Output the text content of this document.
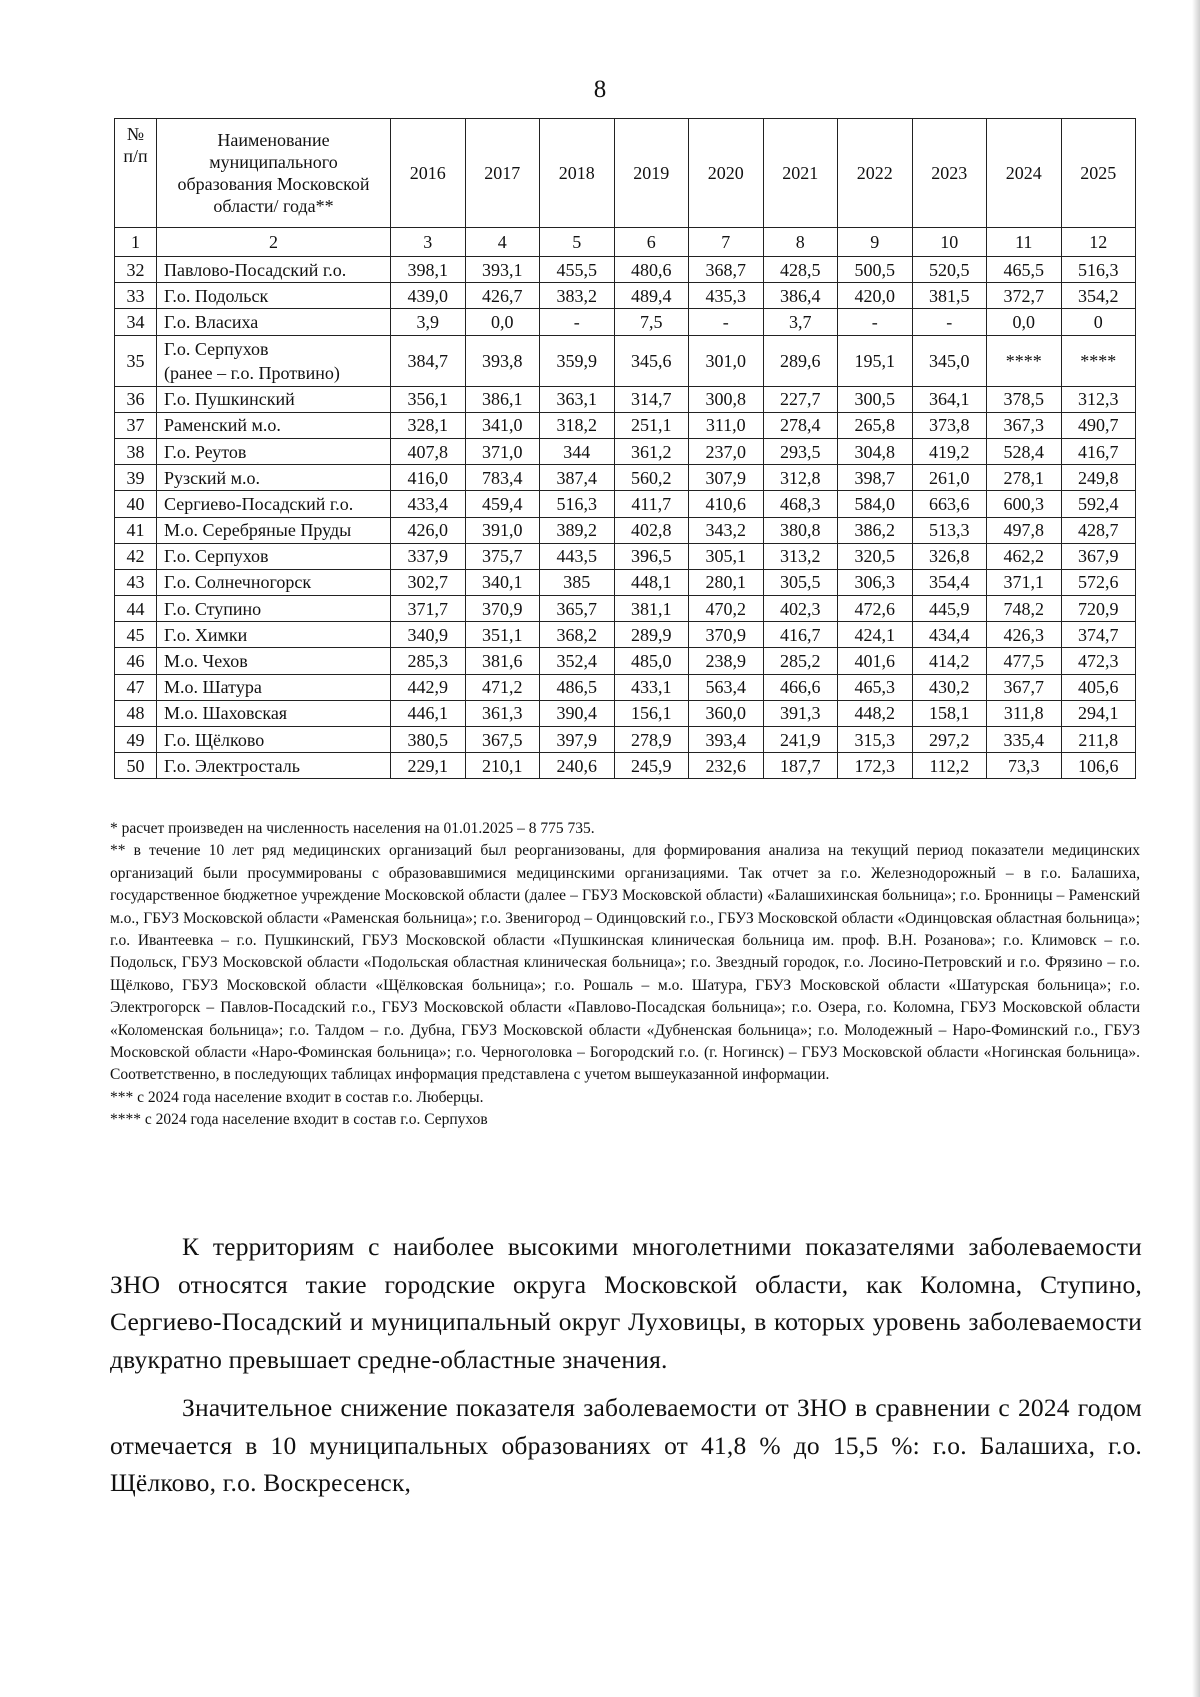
8
№ п/п	Наименование муниципального образования Московской области/ года**	2016	2017	2018	2019	2020	2021	2022	2023	2024	2025
1	2	3	4	5	6	7	8	9	10	11	12
32	Павлово-Посадский г.о.	398,1	393,1	455,5	480,6	368,7	428,5	500,5	520,5	465,5	516,3
33	Г.о. Подольск	439,0	426,7	383,2	489,4	435,3	386,4	420,0	381,5	372,7	354,2
34	Г.о. Власиха	3,9	0,0	-	7,5	-	3,7	-	-	0,0	0
35	Г.о. Серпухов
(ранее – г.о. Протвино)	384,7	393,8	359,9	345,6	301,0	289,6	195,1	345,0	****	****
36	Г.о. Пушкинский	356,1	386,1	363,1	314,7	300,8	227,7	300,5	364,1	378,5	312,3
37	Раменский м.о.	328,1	341,0	318,2	251,1	311,0	278,4	265,8	373,8	367,3	490,7
38	Г.о. Реутов	407,8	371,0	344	361,2	237,0	293,5	304,8	419,2	528,4	416,7
39	Рузский м.о.	416,0	783,4	387,4	560,2	307,9	312,8	398,7	261,0	278,1	249,8
40	Сергиево-Посадский г.о.	433,4	459,4	516,3	411,7	410,6	468,3	584,0	663,6	600,3	592,4
41	М.о. Серебряные Пруды	426,0	391,0	389,2	402,8	343,2	380,8	386,2	513,3	497,8	428,7
42	Г.о. Серпухов	337,9	375,7	443,5	396,5	305,1	313,2	320,5	326,8	462,2	367,9
43	Г.о. Солнечногорск	302,7	340,1	385	448,1	280,1	305,5	306,3	354,4	371,1	572,6
44	Г.о. Ступино	371,7	370,9	365,7	381,1	470,2	402,3	472,6	445,9	748,2	720,9
45	Г.о. Химки	340,9	351,1	368,2	289,9	370,9	416,7	424,1	434,4	426,3	374,7
46	М.о. Чехов	285,3	381,6	352,4	485,0	238,9	285,2	401,6	414,2	477,5	472,3
47	М.о. Шатура	442,9	471,2	486,5	433,1	563,4	466,6	465,3	430,2	367,7	405,6
48	М.о. Шаховская	446,1	361,3	390,4	156,1	360,0	391,3	448,2	158,1	311,8	294,1
49	Г.о. Щёлково	380,5	367,5	397,9	278,9	393,4	241,9	315,3	297,2	335,4	211,8
50	Г.о. Электросталь	229,1	210,1	240,6	245,9	232,6	187,7	172,3	112,2	73,3	106,6

* расчет произведен на численность населения на 01.01.2025 – 8 775 735.

** в течение 10 лет ряд медицинских организаций был реорганизованы, для формирования анализа на текущий период показатели медицинских организаций были просуммированы с образовавшимися медицинскими организациями. Так отчет за г.о. Железнодорожный – в г.о. Балашиха, государственное бюджетное учреждение Московской области (далее – ГБУЗ Московской области) «Балашихинская больница»; г.о. Бронницы – Раменский м.о., ГБУЗ Московской области «Раменская больница»; г.о. Звенигород – Одинцовский г.о., ГБУЗ Московской области «Одинцовская областная больница»; г.о. Ивантеевка – г.о. Пушкинский, ГБУЗ Московской области «Пушкинская клиническая больница им. проф. В.Н. Розанова»; г.о. Климовск – г.о. Подольск, ГБУЗ Московской области «Подольская областная клиническая больница»; г.о. Звездный городок, г.о. Лосино-Петровский и г.о. Фрязино – г.о. Щёлково, ГБУЗ Московской области «Щёлковская больница»; г.о. Рошаль – м.о. Шатура, ГБУЗ Московской области «Шатурская больница»; г.о. Электрогорск – Павлов-Посадский г.о., ГБУЗ Московской области «Павлово-Посадская больница»; г.о. Озера, г.о. Коломна, ГБУЗ Московской области «Коломенская больница»; г.о. Талдом – г.о. Дубна, ГБУЗ Московской области «Дубненская больница»; г.о. Молодежный – Наро-Фоминский г.о., ГБУЗ Московской области «Наро-Фоминская больница»; г.о. Черноголовка – Богородский г.о. (г. Ногинск) – ГБУЗ Московской области «Ногинская больница». Соответственно, в последующих таблицах информация представлена с учетом вышеуказанной информации.

*** с 2024 года население входит в состав г.о. Люберцы.

**** с 2024 года население входит в состав г.о. Серпухов

К территориям с наиболее высокими многолетними показателями заболеваемости ЗНО относятся такие городские округа Московской области, как Коломна, Ступино, Сергиево-Посадский и муниципальный округ Луховицы, в которых уровень заболеваемости двукратно превышает средне-областные значения.

Значительное снижение показателя заболеваемости от ЗНО в сравнении с 2024 годом отмечается в 10 муниципальных образованиях от 41,8 % до 15,5 %: г.о. Балашиха, г.о. Щёлково, г.о. Воскресенск,
